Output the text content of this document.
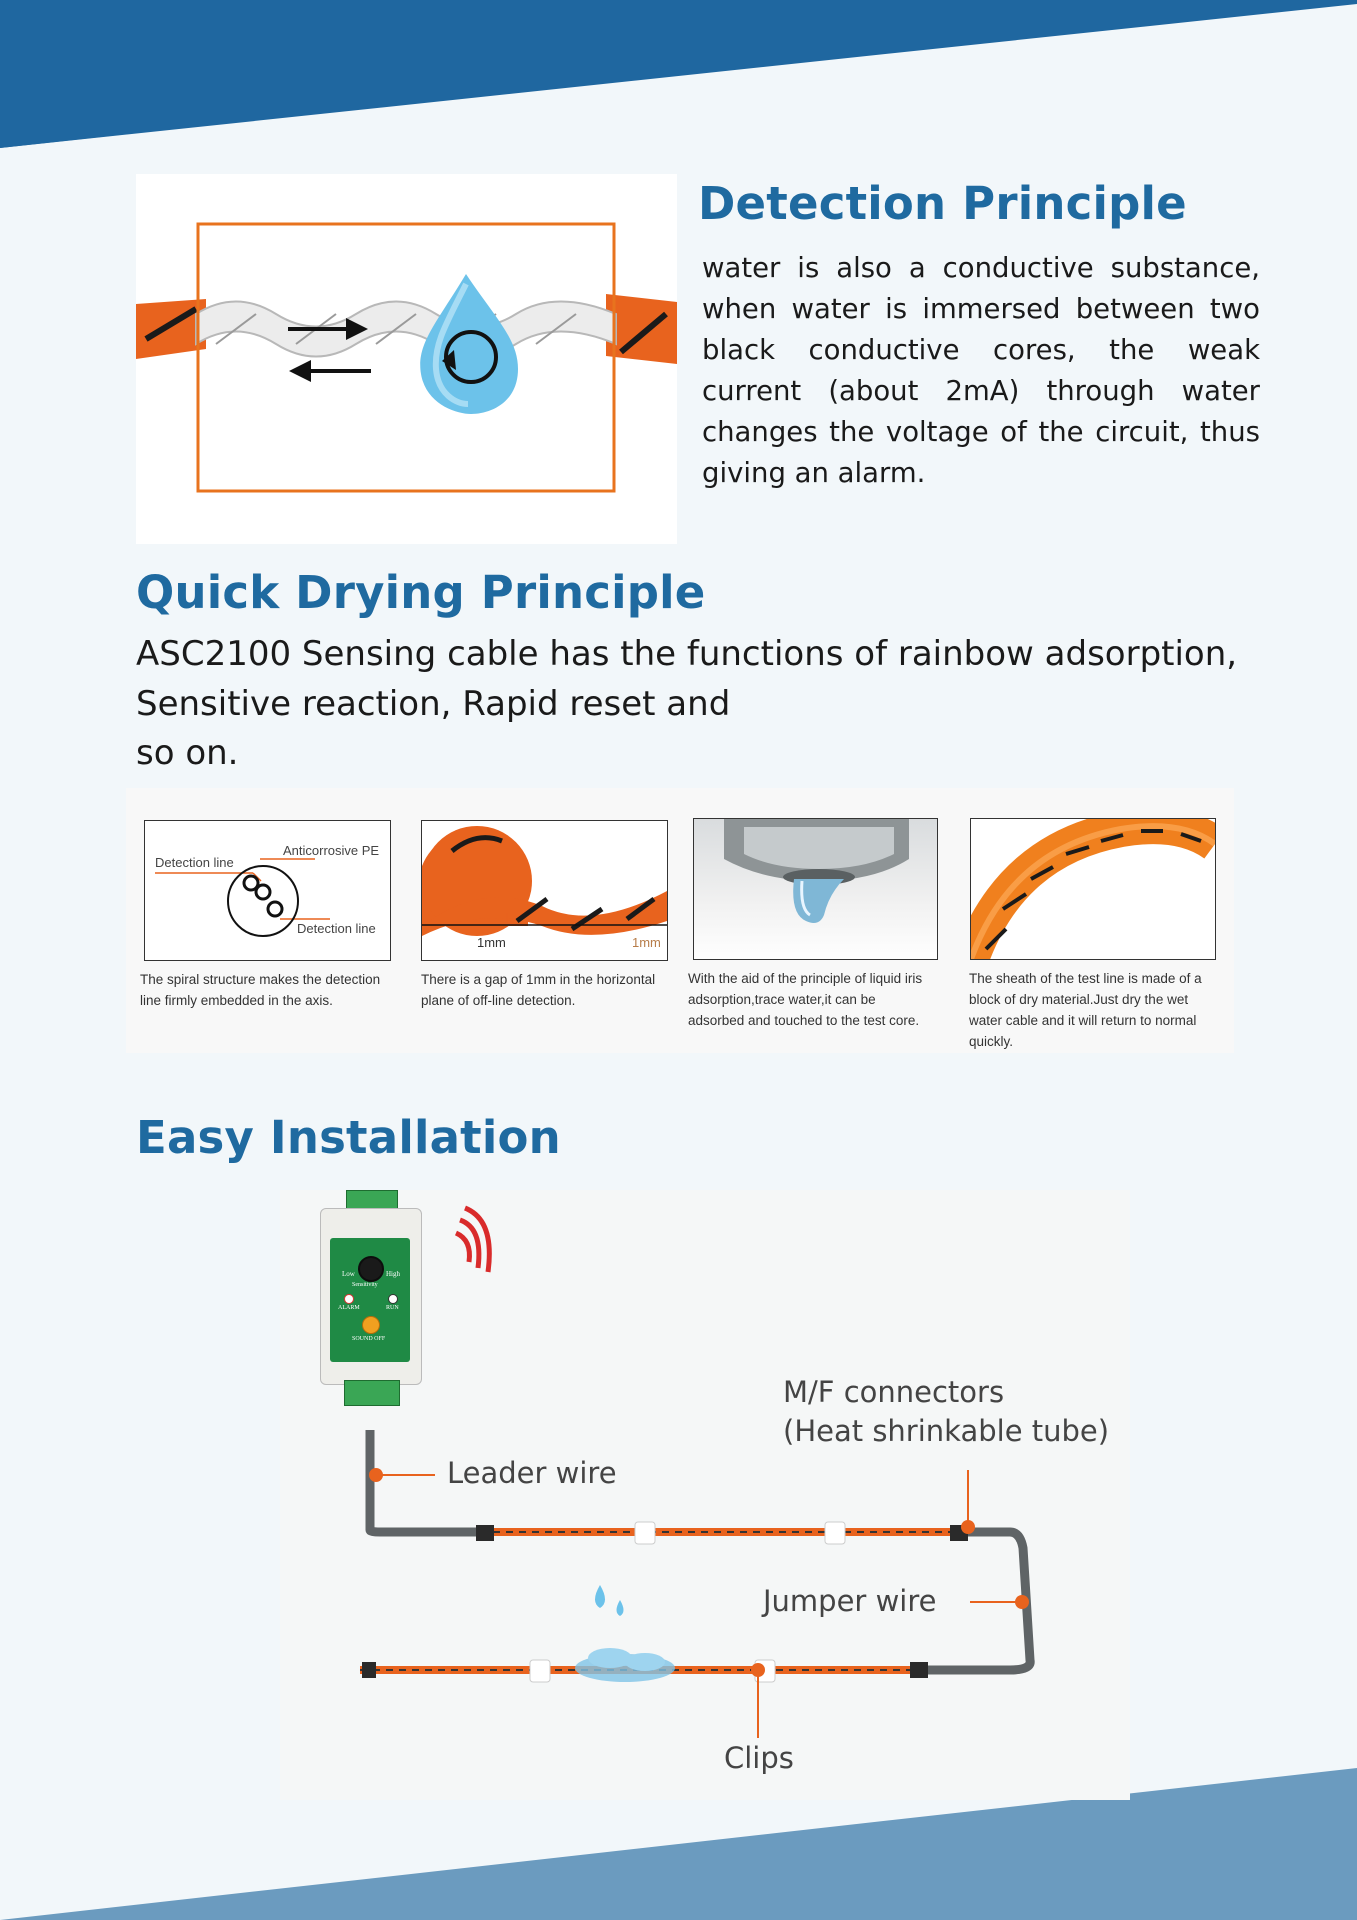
Detection Principle
water is also a conductive substance,
when water is immersed between two
black conductive cores, the weak
current (about 2mA) through water
changes the voltage of the circuit, thus
giving an alarm.
Quick Drying Principle
ASC2100 Sensing cable has the functions of rainbow adsorption,
Sensitive reaction, Rapid reset and
so on.
Detection line
Anticorrosive PE
Detection line
The spiral structure makes the detection
line firmly embedded in the axis.
1mm	1mm
There is a gap of 1mm in the horizontal
plane of off-line detection.
With the aid of the principle of liquid iris
adsorption,trace water,it can be
adsorbed and touched to the test core.
The sheath of the test line is made of a
block of dry material.Just dry the wet
water cable and it will return to normal
quickly.
Easy Installation
Low	High
Sensitivity
ALARM	RUN
SOUND OFF
M/F connectors
(Heat shrinkable tube)
Leader wire
Jumper wire
Clips
